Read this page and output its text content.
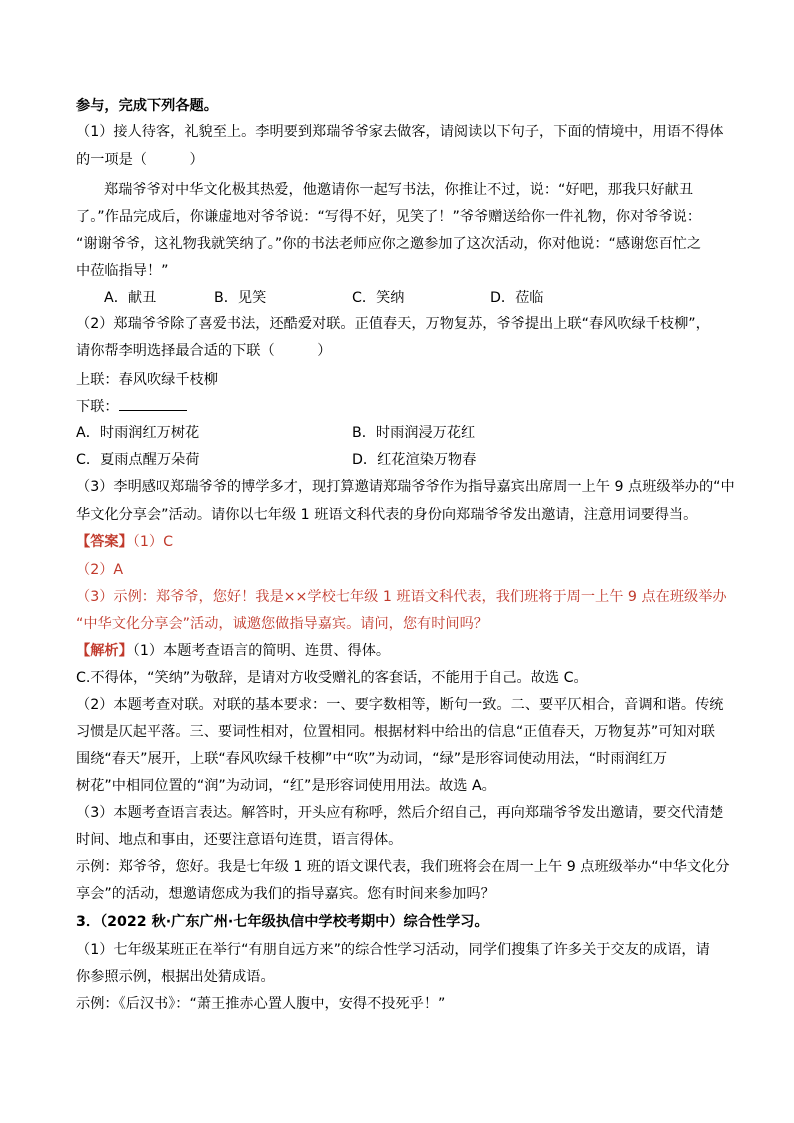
参与，完成下列各题。
（1）接人待客，礼貌至上。李明要到郑瑞爷爷家去做客，请阅读以下句子，下面的情境中，用语不得体
的一项是（　　　）
郑瑞爷爷对中华文化极其热爱，他邀请你一起写书法，你推让不过，说：“好吧，那我只好献丑
了。”作品完成后，你谦虚地对爷爷说：“写得不好，见笑了！”爷爷赠送给你一件礼物，你对爷爷说：
“谢谢爷爷，这礼物我就笑纳了。”你的书法老师应你之邀参加了这次活动，你对他说：“感谢您百忙之
中莅临指导！”
A．献丑	B．见笑	C．笑纳	D．莅临
（2）郑瑞爷爷除了喜爱书法，还酷爱对联。正值春天，万物复苏，爷爷提出上联“春风吹绿千枝柳”，
请你帮李明选择最合适的下联（　　　）
上联：春风吹绿千枝柳
下联：
A．时雨润红万树花	B．时雨润浸万花红
C．夏雨点醒万朵荷	D．红花渲染万物春
（3）李明感叹郑瑞爷爷的博学多才，现打算邀请郑瑞爷爷作为指导嘉宾出席周一上午 9 点班级举办的“中
华文化分享会”活动。请你以七年级 1 班语文科代表的身份向郑瑞爷爷发出邀请，注意用词要得当。
【答案】（1）C
（2）A
（3）示例：郑爷爷，您好！我是××学校七年级 1 班语文科代表，我们班将于周一上午 9 点在班级举办
“中华文化分享会”活动，诚邀您做指导嘉宾。请问，您有时间吗？
【解析】（1）本题考查语言的简明、连贯、得体。
C.不得体，“笑纳”为敬辞，是请对方收受赠礼的客套话，不能用于自己。故选 C。
（2）本题考查对联。对联的基本要求：一、要字数相等，断句一致。二、要平仄相合，音调和谐。传统
习惯是仄起平落。三、要词性相对，位置相同。根据材料中给出的信息“正值春天，万物复苏”可知对联
围绕“春天”展开，上联“春风吹绿千枝柳”中“吹”为动词，“绿”是形容词使动用法，“时雨润红万
树花”中相同位置的“润”为动词，“红”是形容词使用用法。故选 A。
（3）本题考查语言表达。解答时，开头应有称呼，然后介绍自己，再向郑瑞爷爷发出邀请，要交代清楚
时间、地点和事由，还要注意语句连贯，语言得体。
示例：郑爷爷，您好。我是七年级 1 班的语文课代表，我们班将会在周一上午 9 点班级举办“中华文化分
享会”的活动，想邀请您成为我们的指导嘉宾。您有时间来参加吗？
3．（2022 秋·广东广州·七年级执信中学校考期中）综合性学习。
（1）七年级某班正在举行“有朋自远方来”的综合性学习活动，同学们搜集了许多关于交友的成语，请
你参照示例，根据出处猜成语。
示例：《后汉书》：“萧王推赤心置人腹中，安得不投死乎！”
